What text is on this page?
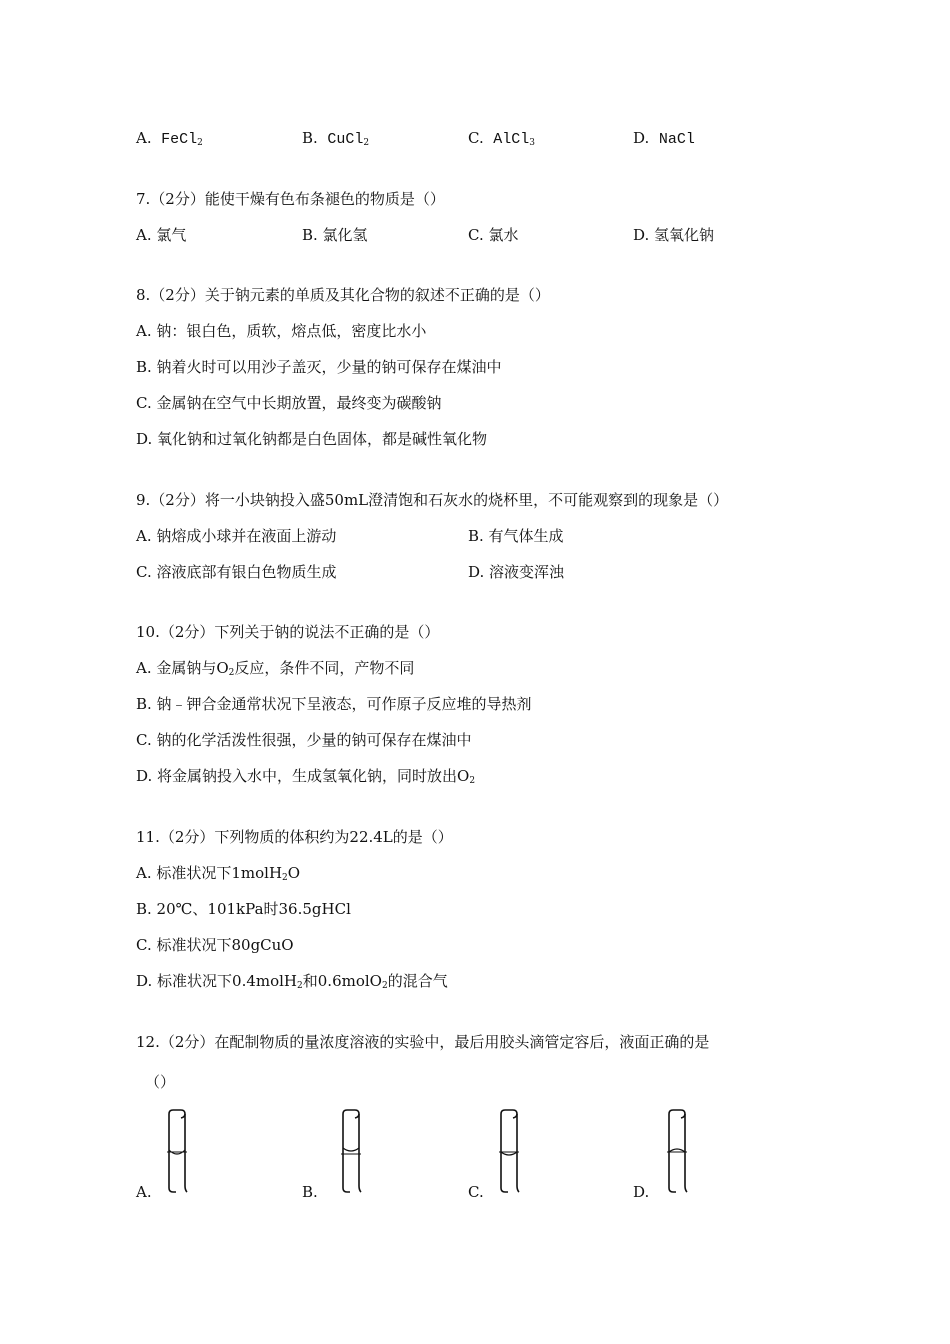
A. FeCl$_2$	B. CuCl$_2$	C. AlCl$_3$	D. NaCl
7.（2分）能使干燥有色布条褪色的物质是（）
A. 氯气	B. 氯化氢	C. 氯水	D. 氢氧化钠
8.（2分）关于钠元素的单质及其化合物的叙述不正确的是（）
A. 钠：银白色，质软，熔点低，密度比水小
B. 钠着火时可以用沙子盖灭，少量的钠可保存在煤油中
C. 金属钠在空气中长期放置，最终变为碳酸钠
D. 氧化钠和过氧化钠都是白色固体，都是碱性氧化物
9.（2分）将一小块钠投入盛50mL澄清饱和石灰水的烧杯里，不可能观察到的现象是（）
A. 钠熔成小球并在液面上游动	B. 有气体生成
C. 溶液底部有银白色物质生成	D. 溶液变浑浊
10.（2分）下列关于钠的说法不正确的是（）
A. 金属钠与$O_2$反应，条件不同，产物不同
B. 钠﹣钾合金通常状况下呈液态，可作原子反应堆的导热剂
C. 钠的化学活泼性很强，少量的钠可保存在煤油中
D. 将金属钠投入水中，生成氢氧化钠，同时放出$O_2$
11.（2分）下列物质的体积约为22.4L的是（）
A. 标准状况下1molH$_2$O
B. 20℃、101kPa时36.5gHCl
C. 标准状况下80gCuO
D. 标准状况下0.4molH$_2$和0.6molO$_2$的混合气
12.（2分）在配制物质的量浓度溶液的实验中，最后用胶头滴管定容后，液面正确的是
（）
A.	B.	C.	D.
